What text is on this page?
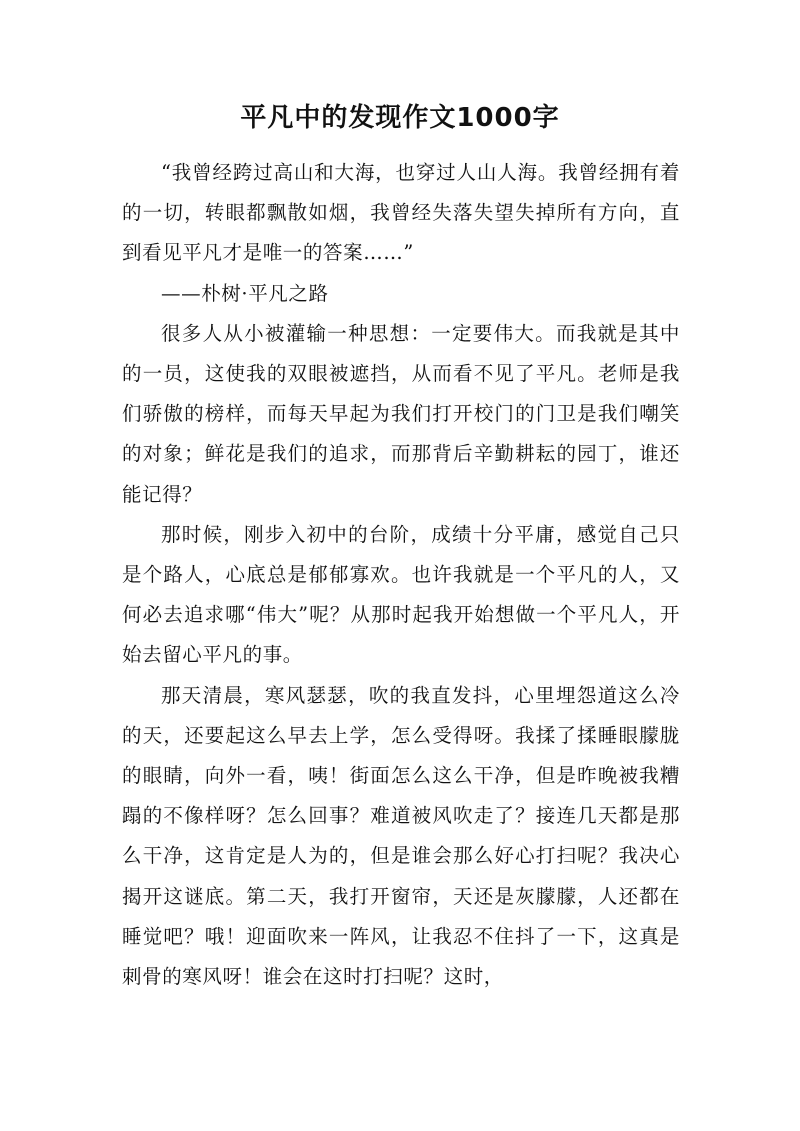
平凡中的发现作文1000字

“我曾经跨过高山和大海，也穿过人山人海。我曾经拥有着的一切，转眼都飘散如烟，我曾经失落失望失掉所有方向，直到看见平凡才是唯一的答案……”

——朴树·平凡之路

很多人从小被灌输一种思想：一定要伟大。而我就是其中的一员，这使我的双眼被遮挡，从而看不见了平凡。老师是我们骄傲的榜样，而每天早起为我们打开校门的门卫是我们嘲笑的对象；鲜花是我们的追求，而那背后辛勤耕耘的园丁，谁还能记得？

那时候，刚步入初中的台阶，成绩十分平庸，感觉自己只是个路人，心底总是郁郁寡欢。也许我就是一个平凡的人，又何必去追求哪“伟大”呢？从那时起我开始想做一个平凡人，开始去留心平凡的事。

那天清晨，寒风瑟瑟，吹的我直发抖，心里埋怨道这么冷的天，还要起这么早去上学，怎么受得呀。我揉了揉睡眼朦胧的眼睛，向外一看，咦！街面怎么这么干净，但是昨晚被我糟蹋的不像样呀？怎么回事？难道被风吹走了？接连几天都是那么干净，这肯定是人为的，但是谁会那么好心打扫呢？我决心揭开这谜底。第二天，我打开窗帘，天还是灰朦朦，人还都在睡觉吧？哦！迎面吹来一阵风，让我忍不住抖了一下，这真是刺骨的寒风呀！谁会在这时打扫呢？这时，
